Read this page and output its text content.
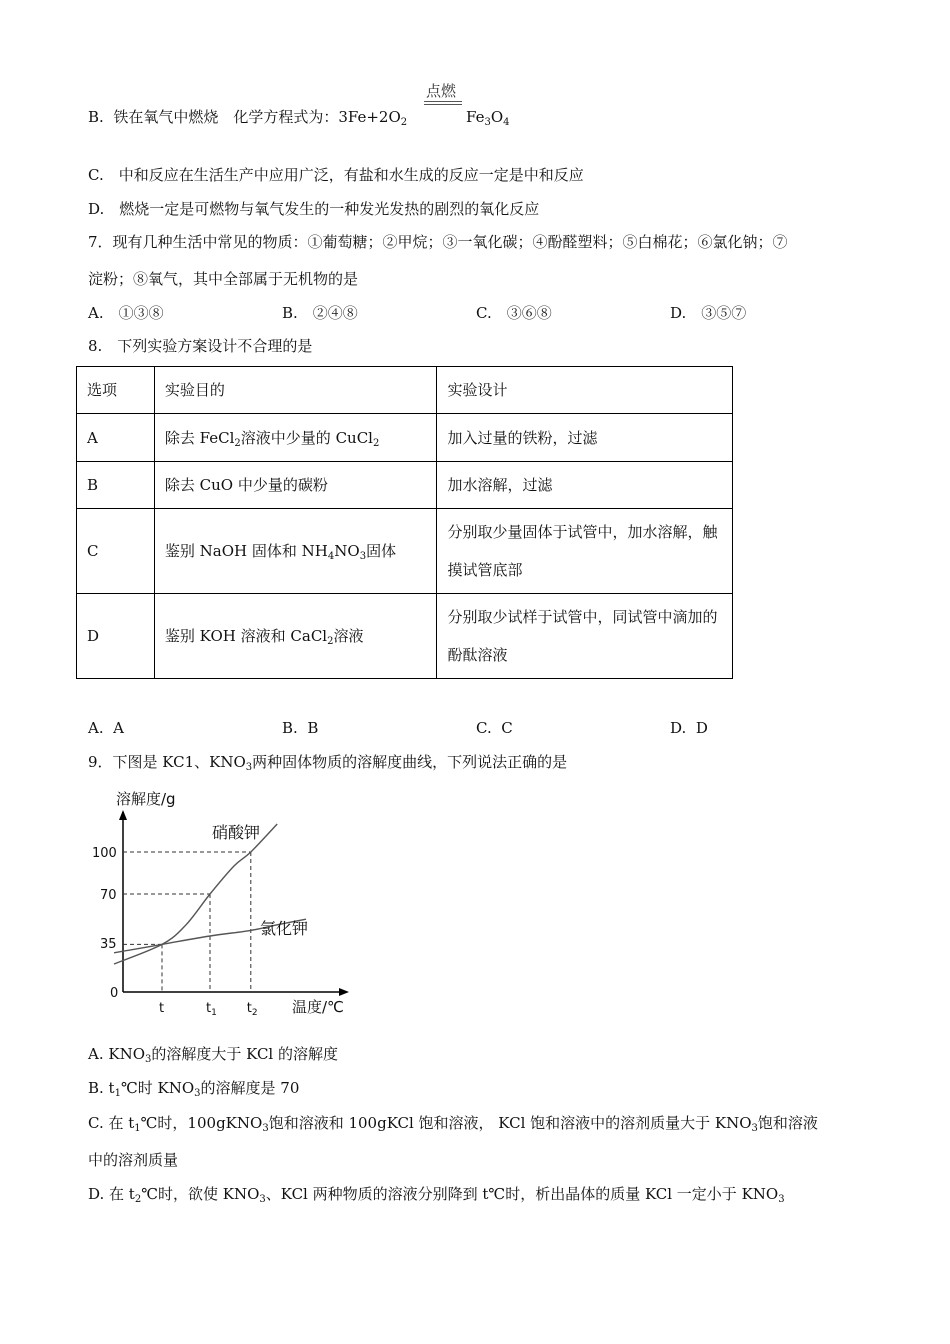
点燃
B. 铁在氧气中燃烧　化学方程式为：$3Fe+2O_2$	$Fe_3O_4$
C.　中和反应在生活生产中应用广泛，有盐和水生成的反应一定是中和反应
D.　燃烧一定是可燃物与氧气发生的一种发光发热的剧烈的氧化反应
7．现有几种生活中常见的物质：①葡萄糖；②甲烷；③一氧化碳；④酚醛塑料；⑤白棉花；⑥氯化钠；⑦
淀粉；⑧氧气，其中全部属于无机物的是
A.　①③⑧	B.　②④⑧	C.　③⑥⑧	D.　③⑤⑦
8.　下列实验方案设计不合理的是
选项	实验目的	实验设计
A	除去 FeCl$_2$溶液中少量的 CuCl$_2$	加入过量的铁粉，过滤
B	除去 CuO 中少量的碳粉	加水溶解，过滤
C	鉴别 NaOH 固体和 $NH_4NO_3$固体	分别取少量固体于试管中，加水溶解，触摸试管底部
D	鉴别 KOH 溶液和 CaCl$_2$溶液	分别取少试样于试管中，同试管中滴加的酚酞溶液
A. A	B. B	C. C	D. D
9．下图是 KC1、$KNO_3$两种固体物质的溶解度曲线，下列说法正确的是
溶解度/g
温度/℃
0
35
70
100
t	$t_1$ $t_2$
硝酸钾
氯化钾
A. $KNO_3$的溶解度大于 KCl 的溶解度
B. $t_1℃$时 $KNO_3$的溶解度是 70
C. 在 $t_1℃$时，100gKNO$_3$饱和溶液和 100gKCl 饱和溶液， KCl 饱和溶液中的溶剂质量大于 $KNO_3$饱和溶液
中的溶剂质量
D. 在 $t_2℃$时，欲使 $KNO_3$、KCl 两种物质的溶液分别降到 t℃时，析出晶体的质量 KCl 一定小于 $KNO_3$
